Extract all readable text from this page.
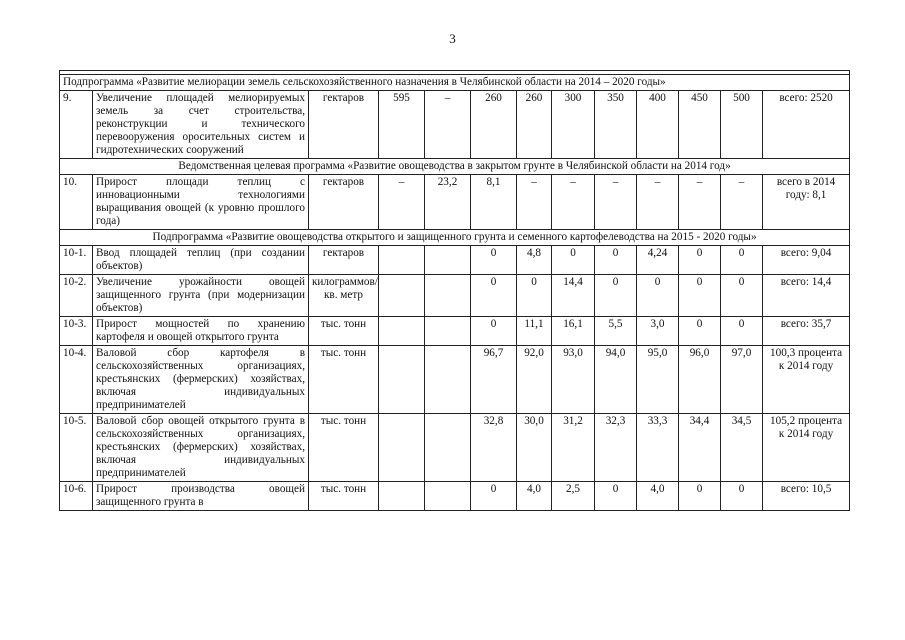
3

Подпрограмма «Развитие мелиорации земель сельскохозяйственного назначения в Челябинской области на 2014 – 2020 годы»												
9.	Увеличение площадей мелиорируемых земель за счет строительства, реконструкции и технического перевооружения оросительных систем и гидротехнических сооружений	гектаров	595	–	260	260	300	350	400	450	500	всего: 2520
Ведомственная целевая программа «Развитие овощеводства в закрытом грунте в Челябинской области на 2014 год»												
10.	Прирост площади теплиц с инновационными технологиями выращивания овощей (к уровню прошлого года)	гектаров	–	23,2	8,1	–	–	–	–	–	–	всего в 2014 году: 8,1
Подпрограмма «Развитие овощеводства открытого и защищенного грунта и семенного картофелеводства на 2015 - 2020 годы»												
10-1.	Ввод площадей теплиц (при создании объектов)	гектаров			0	4,8	0	0	4,24	0	0	всего: 9,04
10-2.	Увеличение урожайности овощей защищенного грунта (при модернизации объектов)	килограммов/кв. метр			0	0	14,4	0	0	0	0	всего: 14,4
10-3.	Прирост мощностей по хранению картофеля и овощей открытого грунта	тыс. тонн			0	11,1	16,1	5,5	3,0	0	0	всего: 35,7
10-4.	Валовой сбор картофеля в сельскохозяйственных организациях, крестьянских (фермерских) хозяйствах, включая индивидуальных предпринимателей	тыс. тонн			96,7	92,0	93,0	94,0	95,0	96,0	97,0	100,3 процента к 2014 году
10-5.	Валовой сбор овощей открытого грунта в сельскохозяйственных организациях, крестьянских (фермерских) хозяйствах, включая индивидуальных предпринимателей	тыс. тонн			32,8	30,0	31,2	32,3	33,3	34,4	34,5	105,2 процента к 2014 году
10-6.	Прирост производства овощей защищенного грунта в	тыс. тонн			0	4,0	2,5	0	4,0	0	0	всего: 10,5
